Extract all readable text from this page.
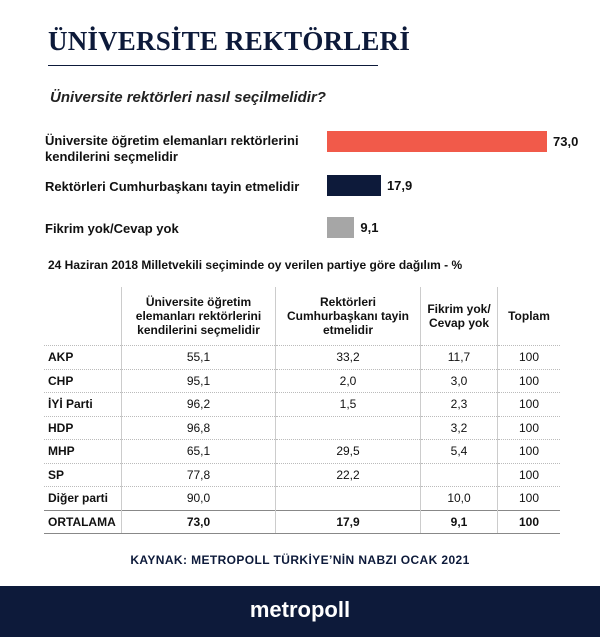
ÜNİVERSİTE REKTÖRLERİ
Üniversite rektörleri nasıl seçilmelidir?
Üniversite öğretim elemanları rektörlerini kendilerini seçmelidir
73,0
Rektörleri Cumhurbaşkanı tayin etmelidir	17,9
Fikrim yok/Cevap yok	9,1
24 Haziran 2018 Milletvekili seçiminde oy verilen partiye göre dağılım - %
	Üniversite öğretim elemanları rektörlerini kendilerini seçmelidir	Rektörleri Cumhurbaşkanı tayin etmelidir	Fikrim yok/ Cevap yok	Toplam
AKP	55,1	33,2	11,7	100
CHP	95,1	2,0	3,0	100
İYİ Parti	96,2	1,5	2,3	100
HDP	96,8		3,2	100
MHP	65,1	29,5	5,4	100
SP	77,8	22,2		100
Diğer parti	90,0		10,0	100
ORTALAMA	73,0	17,9	9,1	100
KAYNAK: METROPOLL TÜRKİYE’NİN NABZI OCAK 2021
metropoll
